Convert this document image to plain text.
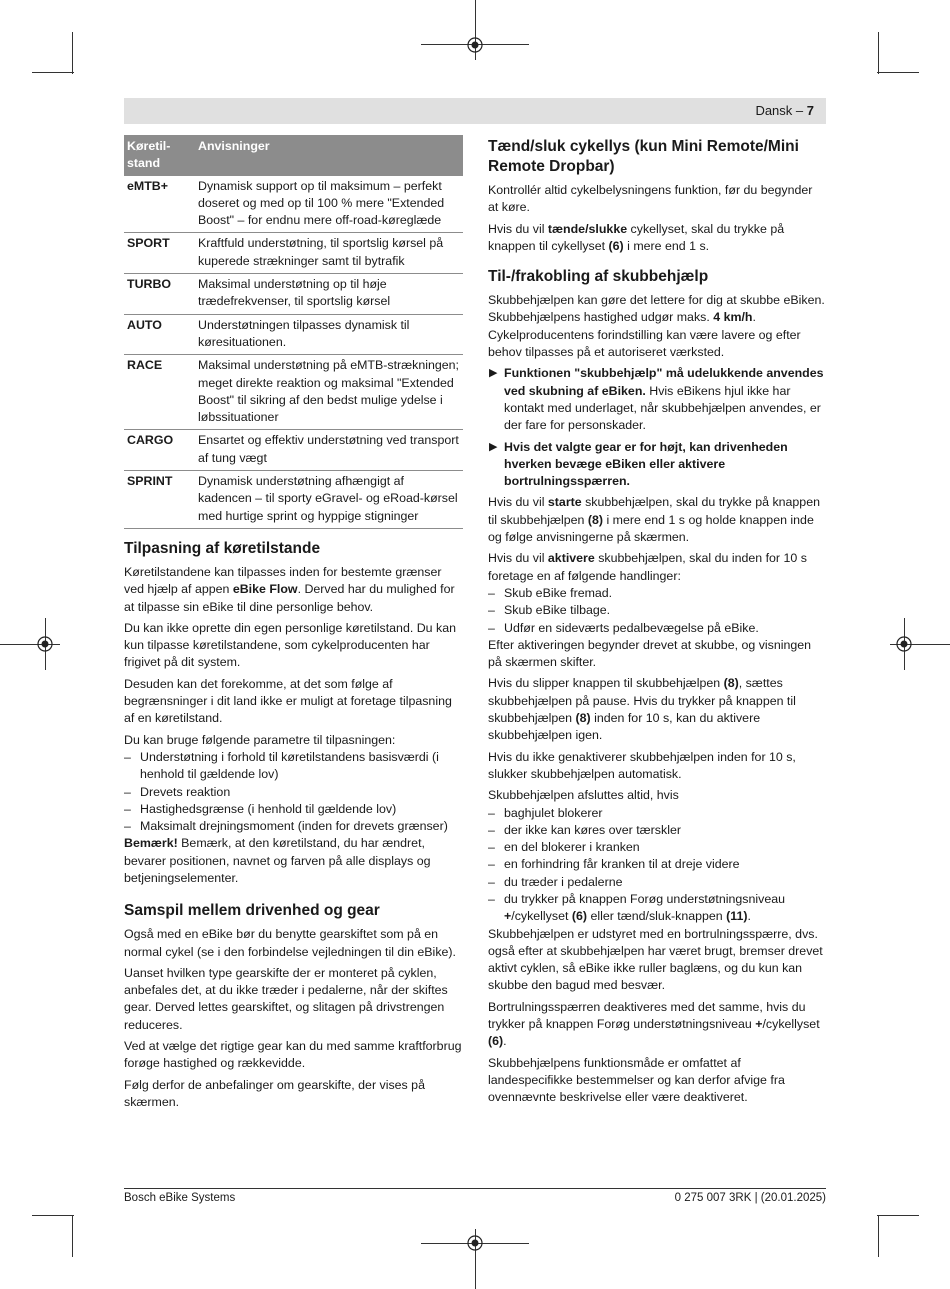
Dansk – 7
Køretil-
stand	Anvisninger
eMTB+	Dynamisk support op til maksimum – perfekt doseret og med op til 100 % mere "Extended Boost" – for endnu mere off-road-køreglæde
SPORT	Kraftfuld understøtning, til sportslig kørsel på kuperede strækninger samt til bytrafik
TURBO	Maksimal understøtning op til høje trædefrekvenser, til sportslig kørsel
AUTO	Understøtningen tilpasses dynamisk til køresituationen.
RACE	Maksimal understøtning på eMTB-strækningen; meget direkte reaktion og maksimal "Extended Boost" til sikring af den bedst mulige ydelse i løbssituationer
CARGO	Ensartet og effektiv understøtning ved transport af tung vægt
SPRINT	Dynamisk understøtning afhængigt af kadencen – til sporty eGravel- og eRoad-kørsel med hurtige sprint og hyppige stigninger
Tilpasning af køretilstande

Køretilstandene kan tilpasses inden for bestemte grænser ved hjælp af appen eBike Flow. Derved har du mulighed for at tilpasse sin eBike til dine personlige behov.

Du kan ikke oprette din egen personlige køretilstand. Du kan kun tilpasse køretilstandene, som cykelproducenten har frigivet på dit system.

Desuden kan det forekomme, at det som følge af begrænsninger i dit land ikke er muligt at foretage tilpasning af en køretilstand.

Du kan bruge følgende parametre til tilpasningen:

– Understøtning i forhold til køretilstandens basisværdi (i henhold til gældende lov)
– Drevets reaktion
– Hastighedsgrænse (i henhold til gældende lov)
– Maksimalt drejningsmoment (inden for drevets grænser)

Bemærk! Bemærk, at den køretilstand, du har ændret, bevarer positionen, navnet og farven på alle displays og betjeningselementer.

Samspil mellem drivenhed og gear

Også med en eBike bør du benytte gearskiftet som på en normal cykel (se i den forbindelse vejledningen til din eBike).

Uanset hvilken type gearskifte der er monteret på cyklen, anbefales det, at du ikke træder i pedalerne, når der skiftes gear. Derved lettes gearskiftet, og slitagen på drivstrengen reduceres.

Ved at vælge det rigtige gear kan du med samme kraftforbrug forøge hastighed og rækkevidde.

Følg derfor de anbefalinger om gearskifte, der vises på skærmen.

Tænd/sluk cykellys (kun Mini Remote/Mini Remote Dropbar)

Kontrollér altid cykelbelysningens funktion, før du begynder at køre.

Hvis du vil tænde/slukke cykellyset, skal du trykke på knappen til cykellyset (6) i mere end 1 s.

Til-/frakobling af skubbehjælp

Skubbehjælpen kan gøre det lettere for dig at skubbe eBiken. Skubbehjælpens hastighed udgør maks. 4 km/h. Cykelproducentens forindstilling kan være lavere og efter behov tilpasses på et autoriseret værksted.

▶ Funktionen "skubbehjælp" må udelukkende anvendes ved skubning af eBiken. Hvis eBikens hjul ikke har kontakt med underlaget, når skubbehjælpen anvendes, er der fare for personskader.
▶ Hvis det valgte gear er for højt, kan drivenheden hverken bevæge eBiken eller aktivere bortrulningsspærren.

Hvis du vil starte skubbehjælpen, skal du trykke på knappen til skubbehjælpen (8) i mere end 1 s og holde knappen inde og følge anvisningerne på skærmen.

Hvis du vil aktivere skubbehjælpen, skal du inden for 10 s foretage en af følgende handlinger:

– Skub eBike fremad.
– Skub eBike tilbage.
– Udfør en sideværts pedalbevægelse på eBike.

Efter aktiveringen begynder drevet at skubbe, og visningen på skærmen skifter.

Hvis du slipper knappen til skubbehjælpen (8), sættes skubbehjælpen på pause. Hvis du trykker på knappen til skubbehjælpen (8) inden for 10 s, kan du aktivere skubbehjælpen igen.

Hvis du ikke genaktiverer skubbehjælpen inden for 10 s, slukker skubbehjælpen automatisk.

Skubbehjælpen afsluttes altid, hvis

– baghjulet blokerer
– der ikke kan køres over tærskler
– en del blokerer i kranken
– en forhindring får kranken til at dreje videre
– du træder i pedalerne
– du trykker på knappen Forøg understøtningsniveau +/cykellyset (6) eller tænd/sluk-knappen (11).

Skubbehjælpen er udstyret med en bortrulningsspærre, dvs. også efter at skubbehjælpen har været brugt, bremser drevet aktivt cyklen, så eBike ikke ruller baglæns, og du kun kan skubbe den bagud med besvær.

Bortrulningsspærren deaktiveres med det samme, hvis du trykker på knappen Forøg understøtningsniveau +/cykellyset (6).

Skubbehjælpens funktionsmåde er omfattet af landespecifikke bestemmelser og kan derfor afvige fra ovennævnte beskrivelse eller være deaktiveret.

Bosch eBike Systems	0 275 007 3RK | (20.01.2025)
